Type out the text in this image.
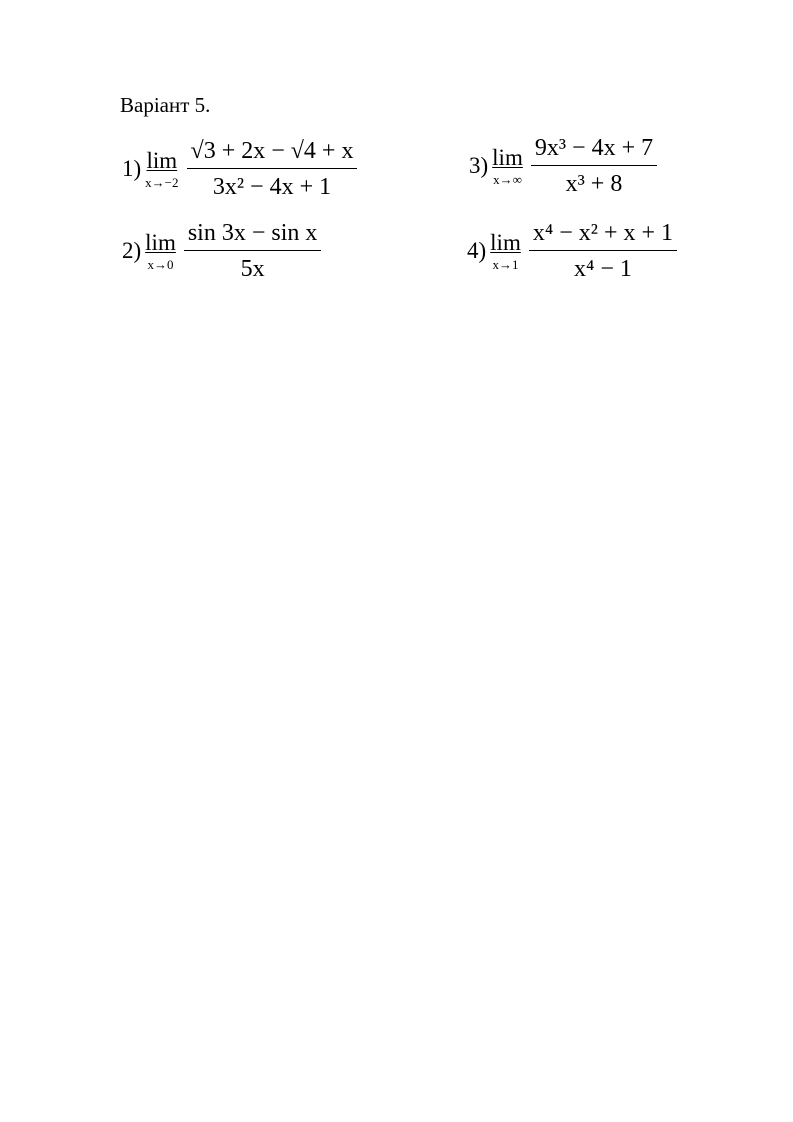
Варіант 5.
1) lim
$x\to-2 \frac{√3 + 2x - √4 + x}{\text{3x² − 4x + 1}}$	3) lim
$x\to\infty \frac{\text{9x³ − 4x + 7}}{\text{x³ + 8}}$
2) lim
$x\to 0 \frac{\text{sin 3x − sin x}}{5x}$	4) lim
$x\to 1 \frac{\text{x⁴ − x² + x + 1}}{\text{x⁴ − 1}}$
